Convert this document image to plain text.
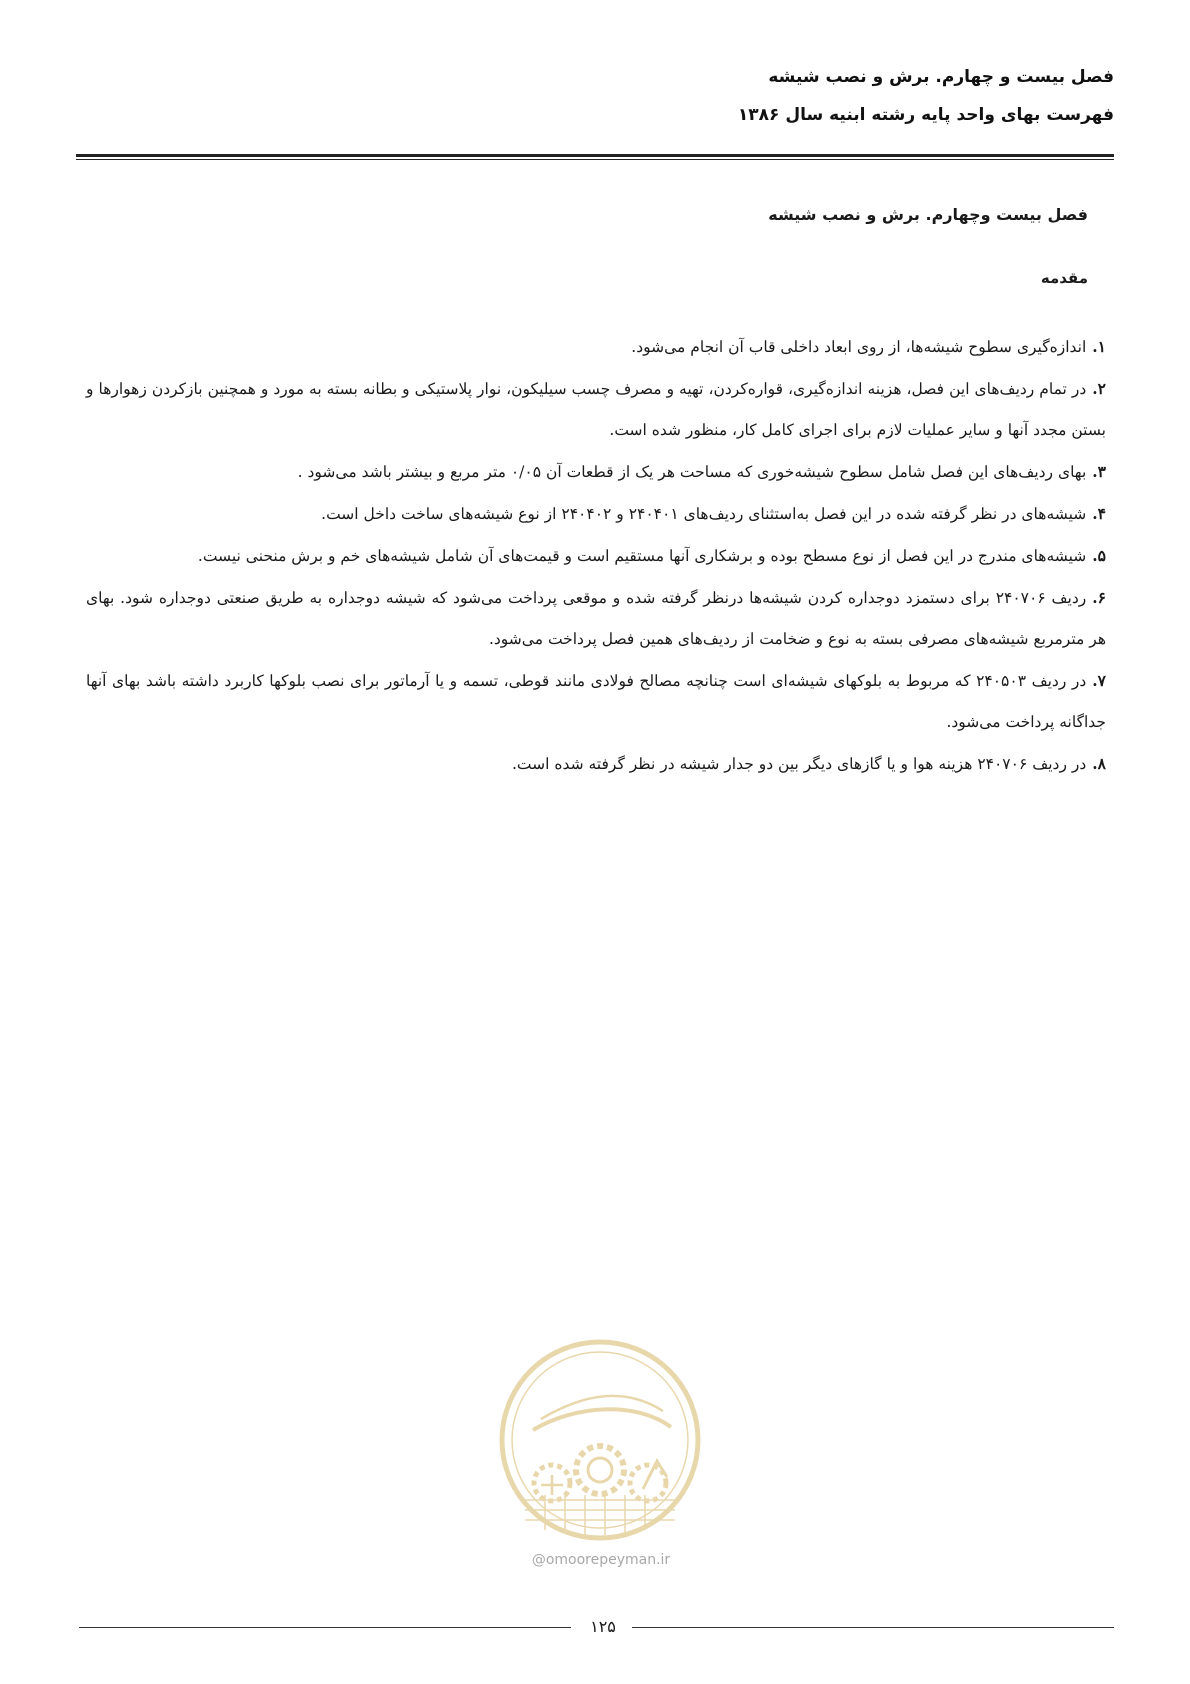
فصل بیست و چهارم. برش و نصب شیشه
فهرست بهای واحد پایه رشته ابنیه سال ۱۳۸۶
فصل بیست وچهارم. برش و نصب شیشه
مقدمه
۱.اندازه‌گیری سطوح شیشه‌ها، از روی ابعاد داخلی قاب آن انجام می‌شود.
۲.در تمام ردیف‌های این فصل، هزینه اندازه‌گیری، قواره‌کردن، تهیه و مصرف چسب سیلیکون، نوار پلاستیکی و بطانه بسته به مورد و همچنین بازکردن زهوارها و بستن مجدد آنها و سایر عملیات لازم برای اجرای کامل کار، منظور شده است.
۳.بهای ردیف‌های این فصل شامل سطوح شیشه‌خوری که مساحت هر یک از قطعات آن ۰/۰۵ متر مربع و بیشتر باشد می‌شود .
۴.شیشه‌های در نظر گرفته شده در این فصل به‌استثنای ردیف‌های ۲۴۰۴۰۱ و ۲۴۰۴۰۲ از نوع شیشه‌های ساخت داخل است.
۵.شیشه‌های مندرج در این فصل از نوع مسطح بوده و برشکاری آنها مستقیم است و قیمت‌های آن شامل شیشه‌های خم و برش منحنی نیست.
۶.ردیف ۲۴۰۷۰۶ برای دستمزد دوجداره کردن شیشه‌ها درنظر گرفته شده و موقعی پرداخت می‌شود که شیشه دوجداره به طریق صنعتی دوجداره شود. بهای هر مترمربع شیشه‌های مصرفی بسته به نوع و ضخامت از ردیف‌های همین فصل پرداخت می‌شود.
۷.در ردیف ۲۴۰۵۰۳ که مربوط به بلوکهای شیشه‌ای است چنانچه مصالح فولادی مانند قوطی، تسمه و یا آرماتور برای نصب بلوکها کاربرد داشته باشد بهای آنها جداگانه پرداخت می‌شود.
۸.در ردیف ۲۴۰۷۰۶ هزینه هوا و یا گازهای دیگر بین دو جدار شیشه در نظر گرفته شده است.
@omoorepeyman.ir
۱۲۵
